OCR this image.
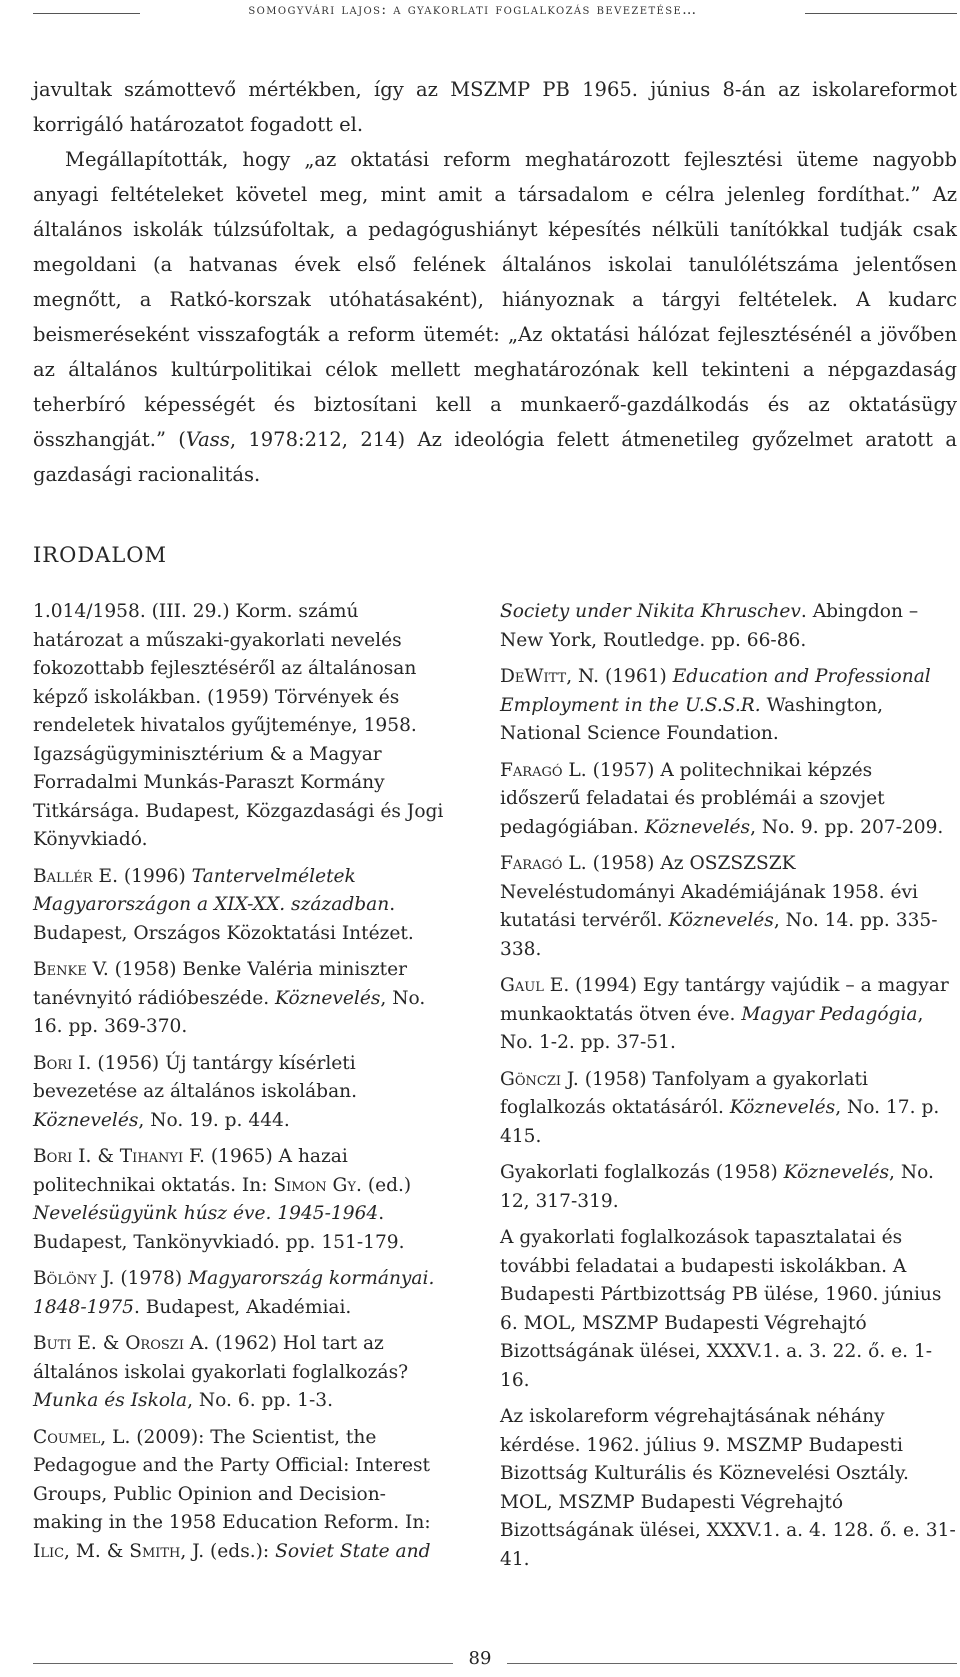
somogyvári lajos: a gyakorlati foglalkozás bevezetése…

javultak számottevő mértékben, így az MSZMP PB 1965. június 8-án az iskolareformot korrigáló határozatot fogadott el.

Megállapították, hogy „az oktatási reform meghatározott fejlesztési üteme nagyobb anyagi feltételeket követel meg, mint amit a társadalom e célra jelenleg fordíthat.” Az általános iskolák túlzsúfoltak, a pedagógushiányt képesítés nélküli tanítókkal tudják csak megoldani (a hatvanas évek első felének általános iskolai tanulólétszáma jelentősen megnőtt, a Ratkó-korszak utóhatásaként), hiányoznak a tárgyi feltételek. A kudarc beismeréseként visszafogták a reform ütemét: „Az oktatási hálózat fejlesztésénél a jövőben az általános kultúrpolitikai célok mellett meghatározónak kell tekinteni a népgazdaság teherbíró képességét és biztosítani kell a munkaerő-gazdálkodás és az oktatásügy összhangját.” (Vass, 1978:212, 214) Az ideológia felett átmenetileg győzelmet aratott a gazdasági racionalitás.

IRODALOM

1.014/1958. (III. 29.) Korm. számú határozat a műszaki-gyakorlati nevelés fokozottabb fejlesztéséről az általánosan képző iskolákban. (1959) Törvények és rendeletek hivatalos gyűjteménye, 1958. Igazságügyminisztérium & a Magyar Forradalmi Munkás-Paraszt Kormány Titkársága. Budapest, Közgazdasági és Jogi Könyvkiadó.

Ballér E. (1996) Tantervelméletek Magyarországon a XIX-XX. században. Budapest, Országos Közoktatási Intézet.

Benke V. (1958) Benke Valéria miniszter tanévnyitó rádióbeszéde. Köznevelés, No. 16. pp. 369-370.

Bori I. (1956) Új tantárgy kísérleti bevezetése az általános iskolában. Köznevelés, No. 19. p. 444.

Bori I. & Tihanyi F. (1965) A hazai politechnikai oktatás. In: Simon Gy. (ed.) Nevelésügyünk húsz éve. 1945-1964. Budapest, Tankönyvkiadó. pp. 151-179.

Bölöny J. (1978) Magyarország kormányai. 1848-1975. Budapest, Akadémiai.

Buti E. & Oroszi A. (1962) Hol tart az általános iskolai gyakorlati foglalkozás? Munka és Iskola, No. 6. pp. 1-3.

Coumel, L. (2009): The Scientist, the Pedagogue and the Party Official: Interest Groups, Public Opinion and Decision-making in the 1958 Education Reform. In: Ilic, M. & Smith, J. (eds.): Soviet State and

Society under Nikita Khruschev. Abingdon – New York, Routledge. pp. 66-86.

DeWitt, N. (1961) Education and Professional Employment in the U.S.S.R. Washington, National Science Foundation.

Faragó L. (1957) A politechnikai képzés időszerű feladatai és problémái a szovjet pedagógiában. Köznevelés, No. 9. pp. 207-209.

Faragó L. (1958) Az OSZSZSZK Neveléstudományi Akadémiájának 1958. évi kutatási tervéről. Köznevelés, No. 14. pp. 335-338.

Gaul E. (1994) Egy tantárgy vajúdik – a magyar munkaoktatás ötven éve. Magyar Pedagógia, No. 1-2. pp. 37-51.

Gönczi J. (1958) Tanfolyam a gyakorlati foglalkozás oktatásáról. Köznevelés, No. 17. p. 415.

Gyakorlati foglalkozás (1958) Köznevelés, No. 12, 317-319.

A gyakorlati foglalkozások tapasztalatai és további feladatai a budapesti iskolákban. A Budapesti Pártbizottság PB ülése, 1960. június 6. MOL, MSZMP Budapesti Végrehajtó Bizottságának ülései, XXXV.1. a. 3. 22. ő. e. 1-16.

Az iskolareform végrehajtásának néhány kérdése. 1962. július 9. MSZMP Budapesti Bizottság Kulturális és Köznevelési Osztály. MOL, MSZMP Budapesti Végrehajtó Bizottságának ülései, XXXV.1. a. 4. 128. ő. e. 31-41.

89
